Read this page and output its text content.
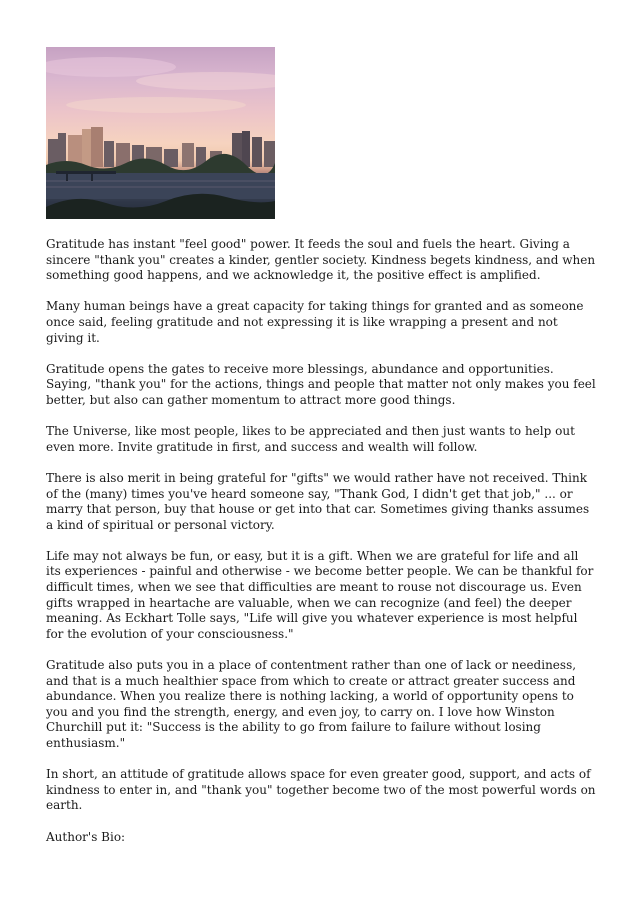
Gratitude has instant "feel good" power. It feeds the soul and fuels the heart. Giving a sincere "thank you" creates a kinder, gentler society. Kindness begets kindness, and when something good happens, and we acknowledge it, the positive effect is amplified.

Many human beings have a great capacity for taking things for granted and as someone once said, feeling gratitude and not expressing it is like wrapping a present and not giving it.

Gratitude opens the gates to receive more blessings, abundance and opportunities. Saying, "thank you" for the actions, things and people that matter not only makes you feel better, but also can gather momentum to attract more good things.

The Universe, like most people, likes to be appreciated and then just wants to help out even more. Invite gratitude in first, and success and wealth will follow.

There is also merit in being grateful for "gifts" we would rather have not received. Think of the (many) times you've heard someone say, "Thank God, I didn't get that job," ... or marry that person, buy that house or get into that car. Sometimes giving thanks assumes a kind of spiritual or personal victory.

Life may not always be fun, or easy, but it is a gift. When we are grateful for life and all its experiences - painful and otherwise - we become better people. We can be thankful for difficult times, when we see that difficulties are meant to rouse not discourage us. Even gifts wrapped in heartache are valuable, when we can recognize (and feel) the deeper meaning. As Eckhart Tolle says, "Life will give you whatever experience is most helpful for the evolution of your consciousness."

Gratitude also puts you in a place of contentment rather than one of lack or neediness, and that is a much healthier space from which to create or attract greater success and abundance. When you realize there is nothing lacking, a world of opportunity opens to you and you find the strength, energy, and even joy, to carry on. I love how Winston Churchill put it: "Success is the ability to go from failure to failure without losing enthusiasm."

In short, an attitude of gratitude allows space for even greater good, support, and acts of kindness to enter in, and "thank you" together become two of the most powerful words on earth.

Author's Bio:
